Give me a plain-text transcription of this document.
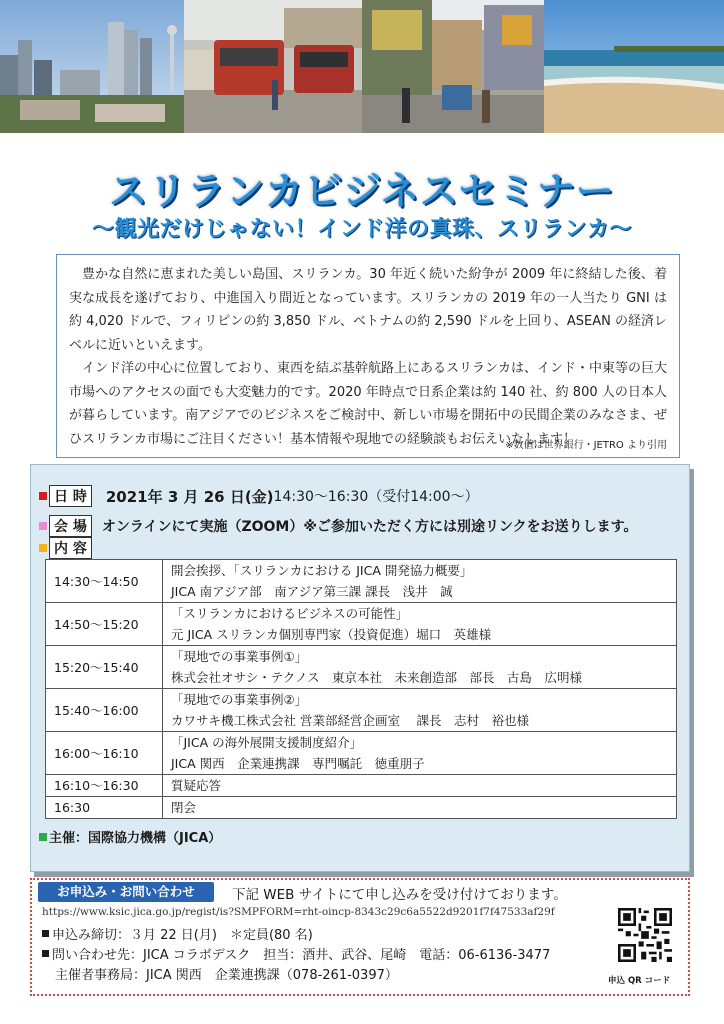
スリランカビジネスセミナー
～観光だけじゃない！インド洋の真珠、スリランカ～

豊かな自然に恵まれた美しい島国、スリランカ。30 年近く続いた紛争が 2009 年に終結した後、着実な成長を遂げており、中進国入り間近となっています。スリランカの 2019 年の一人当たり GNI は約 4,020 ドルで、フィリピンの約 3,850 ドル、ベトナムの約 2,590 ドルを上回り、ASEAN の経済レベルに近いといえます。

インド洋の中心に位置しており、東西を結ぶ基幹航路上にあるスリランカは、インド・中東等の巨大市場へのアクセスの面でも大変魅力的です。2020 年時点で日系企業は約 140 社、約 800 人の日本人が暮らしています。南アジアでのビジネスをご検討中、新しい市場を開拓中の民間企業のみなさま、ぜひスリランカ市場にご注目ください！基本情報や現地での経験談もお伝えいたします！

※数値は世界銀行・JETRO より引用
日 時	2021年 3 月 26 日(金) 14:30～16:30（受付14:00～）
会 場	オンラインにて実施（ZOOM）※ご参加いただく方には別途リンクをお送りします。
内 容
14:30～14:50	開会挨拶、「スリランカにおける JICA 開発協力概要」
JICA 南アジア部　南アジア第三課 課長　浅井　誠

14:50～15:20	「スリランカにおけるビジネスの可能性」
元 JICA スリランカ個別専門家（投資促進）堀口　英雄様

15:20～15:40	「現地での事業事例①」
株式会社オサシ・テクノス　東京本社　未来創造部　部長　古島　広明様

15:40～16:00	「現地での事業事例②」
カワサキ機工株式会社 営業部経営企画室　 課長　志村　裕也様

16:00～16:10	「JICA の海外展開支援制度紹介」
JICA 関西　企業連携課　専門嘱託　徳重朋子

16:10～16:30	質疑応答
16:30	閉会
主催：国際協力機構（JICA）
お申込み・お問い合わせ	下記 WEB サイトにて申し込みを受け付けております。
https://www.ksic.jica.go.jp/regist/is?SMPFORM=rht-oincp-8343c29c6a5522d9201f7f47533af29f
申込み締切：３月 22 日(月)　＊定員(80 名)
問い合わせ先：JICA コラボデスク　担当：酒井、武谷、尾崎　電話：06-6136-3477
主催者事務局：JICA 関西　企業連携課（078-261-0397）	申込 QR コード
